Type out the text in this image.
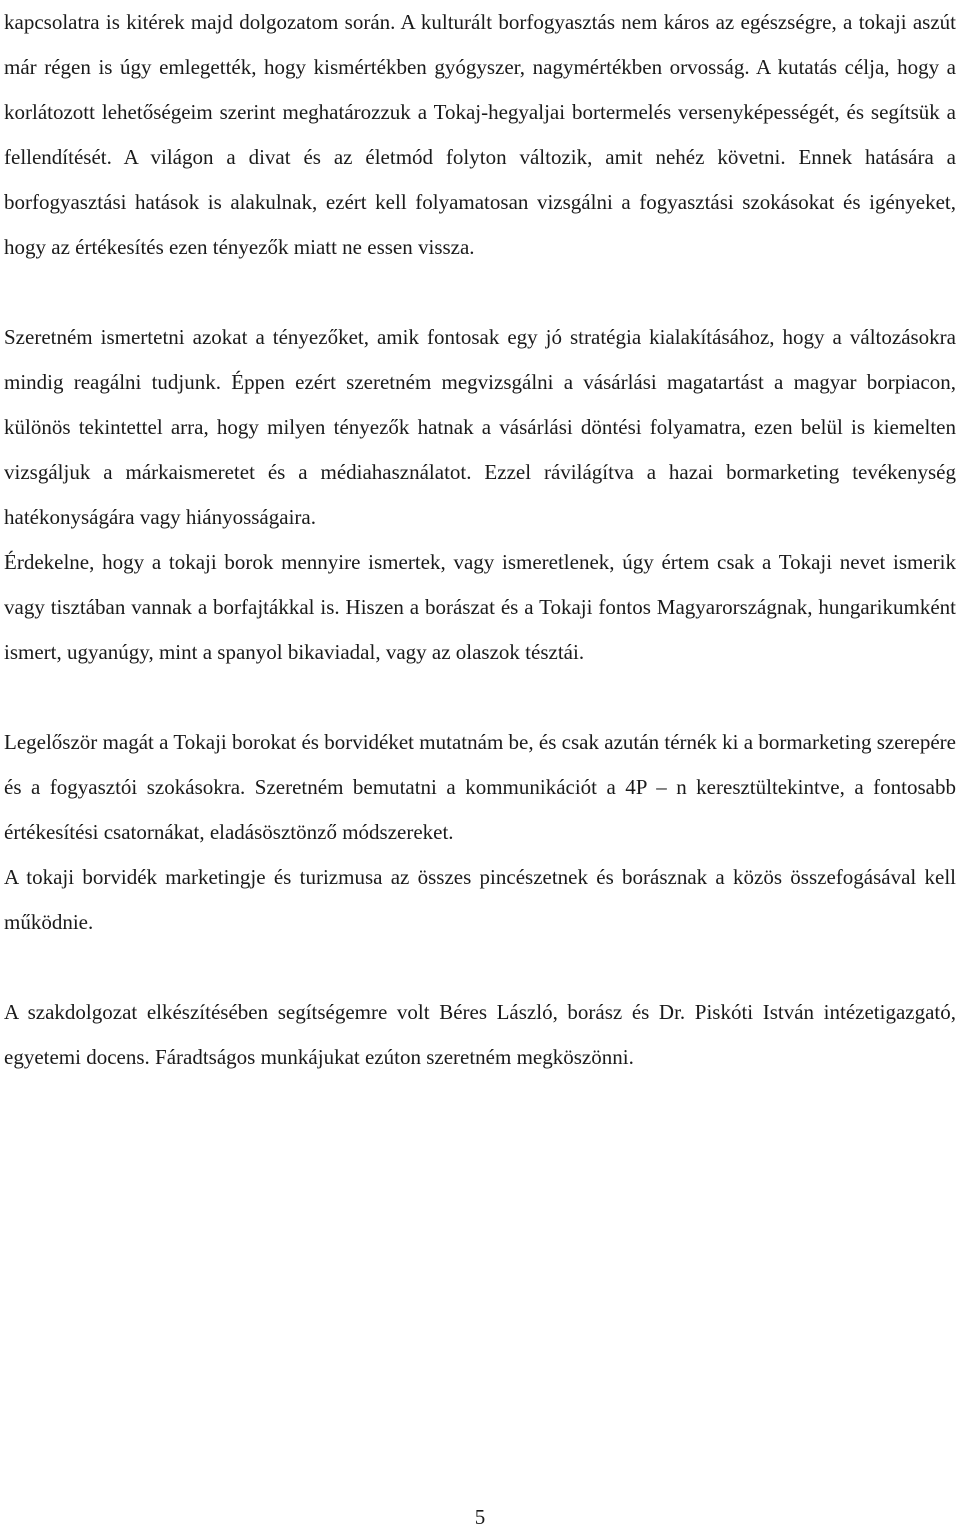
kapcsolatra is kitérek majd dolgozatom során. A kulturált borfogyasztás nem káros az egészségre, a tokaji aszút már régen is úgy emlegették, hogy kismértékben gyógyszer, nagymértékben orvosság. A kutatás célja, hogy a korlátozott lehetőségeim szerint meghatározzuk a Tokaj-hegyaljai bortermelés versenyképességét, és segítsük a fellendítését. A világon a divat és az életmód folyton változik, amit nehéz követni. Ennek hatására a borfogyasztási hatások is alakulnak, ezért kell folyamatosan vizsgálni a fogyasztási szokásokat és igényeket, hogy az értékesítés ezen tényezők miatt ne essen vissza.

Szeretném ismertetni azokat a tényezőket, amik fontosak egy jó stratégia kialakításához, hogy a változásokra mindig reagálni tudjunk. Éppen ezért szeretném megvizsgálni a vásárlási magatartást a magyar borpiacon, különös tekintettel arra, hogy milyen tényezők hatnak a vásárlási döntési folyamatra, ezen belül is kiemelten vizsgáljuk a márkaismeretet és a médiahasználatot. Ezzel rávilágítva a hazai bormarketing tevékenység hatékonyságára vagy hiányosságaira.

Érdekelne, hogy a tokaji borok mennyire ismertek, vagy ismeretlenek, úgy értem csak a Tokaji nevet ismerik vagy tisztában vannak a borfajtákkal is. Hiszen a borászat és a Tokaji fontos Magyarországnak, hungarikumként ismert, ugyanúgy, mint a spanyol bikaviadal, vagy az olaszok tésztái.

Legelőször magát a Tokaji borokat és borvidéket mutatnám be, és csak azután térnék ki a bormarketing szerepére és a fogyasztói szokásokra. Szeretném bemutatni a kommunikációt a 4P – n keresztültekintve, a fontosabb értékesítési csatornákat, eladásösztönző módszereket.

A tokaji borvidék marketingje és turizmusa az összes pincészetnek és borásznak a közös összefogásával kell működnie.

A szakdolgozat elkészítésében segítségemre volt Béres László, borász és Dr. Piskóti István intézetigazgató, egyetemi docens. Fáradtságos munkájukat ezúton szeretném megköszönni.

5
